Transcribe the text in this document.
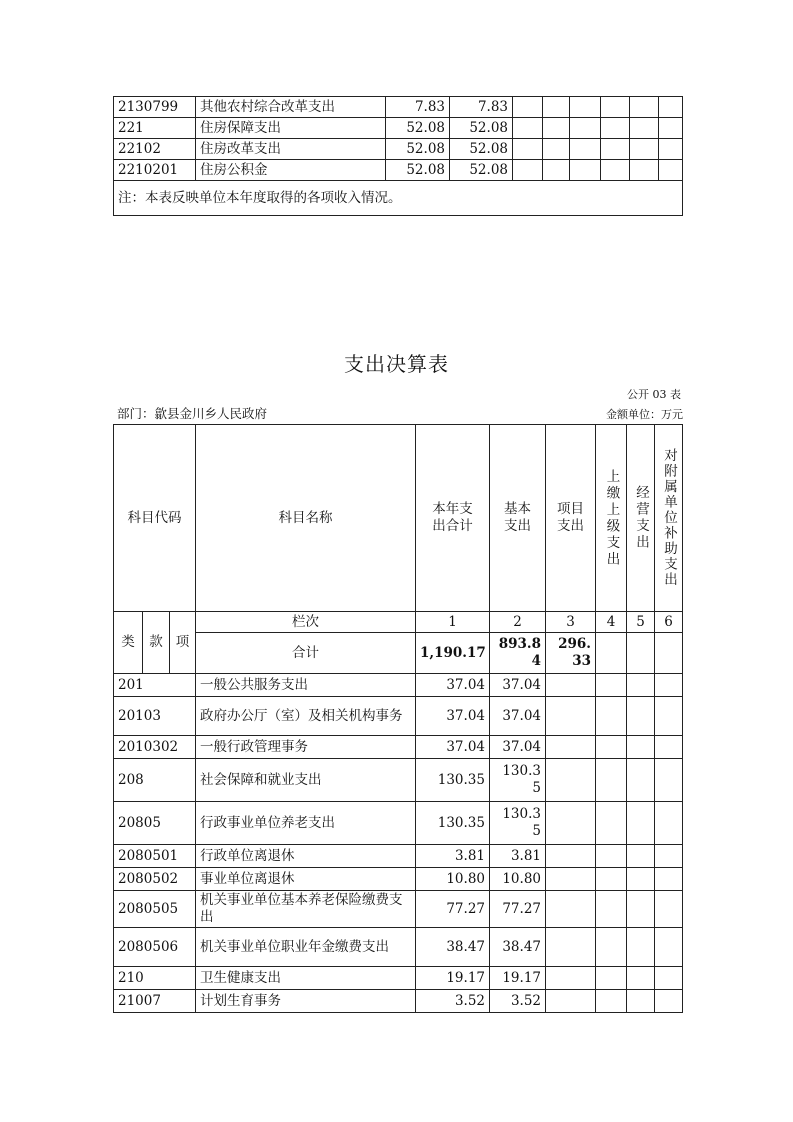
2130799	其他农村综合改革支出	7.83	7.83						
221	住房保障支出	52.08	52.08						
22102	住房改革支出	52.08	52.08						
2210201	住房公积金	52.08	52.08						
注：本表反映单位本年度取得的各项收入情况。									
支出决算表
公开 03 表
部门：歙县金川乡人民政府	金额单位：万元
科目代码			科目名称	本年支出合计	基本支出	项目支出	上缴上级支出	经营支出	对附属单位补助支出

类	款	项	栏次	1	2	3	4	5	6
			合计	1,190.17	893.84	296.33			
201			一般公共服务支出	37.04	37.04				
20103			政府办公厅（室）及相关机构事务	37.04	37.04				
2010302			一般行政管理事务	37.04	37.04				
208			社会保障和就业支出	130.35	130.35				
20805			行政事业单位养老支出	130.35	130.35				
2080501			行政单位离退休	3.81	3.81				
2080502			事业单位离退休	10.80	10.80				
2080505			机关事业单位基本养老保险缴费支出	77.27	77.27				
2080506			机关事业单位职业年金缴费支出	38.47	38.47				
210			卫生健康支出	19.17	19.17				
21007			计划生育事务	3.52	3.52				
